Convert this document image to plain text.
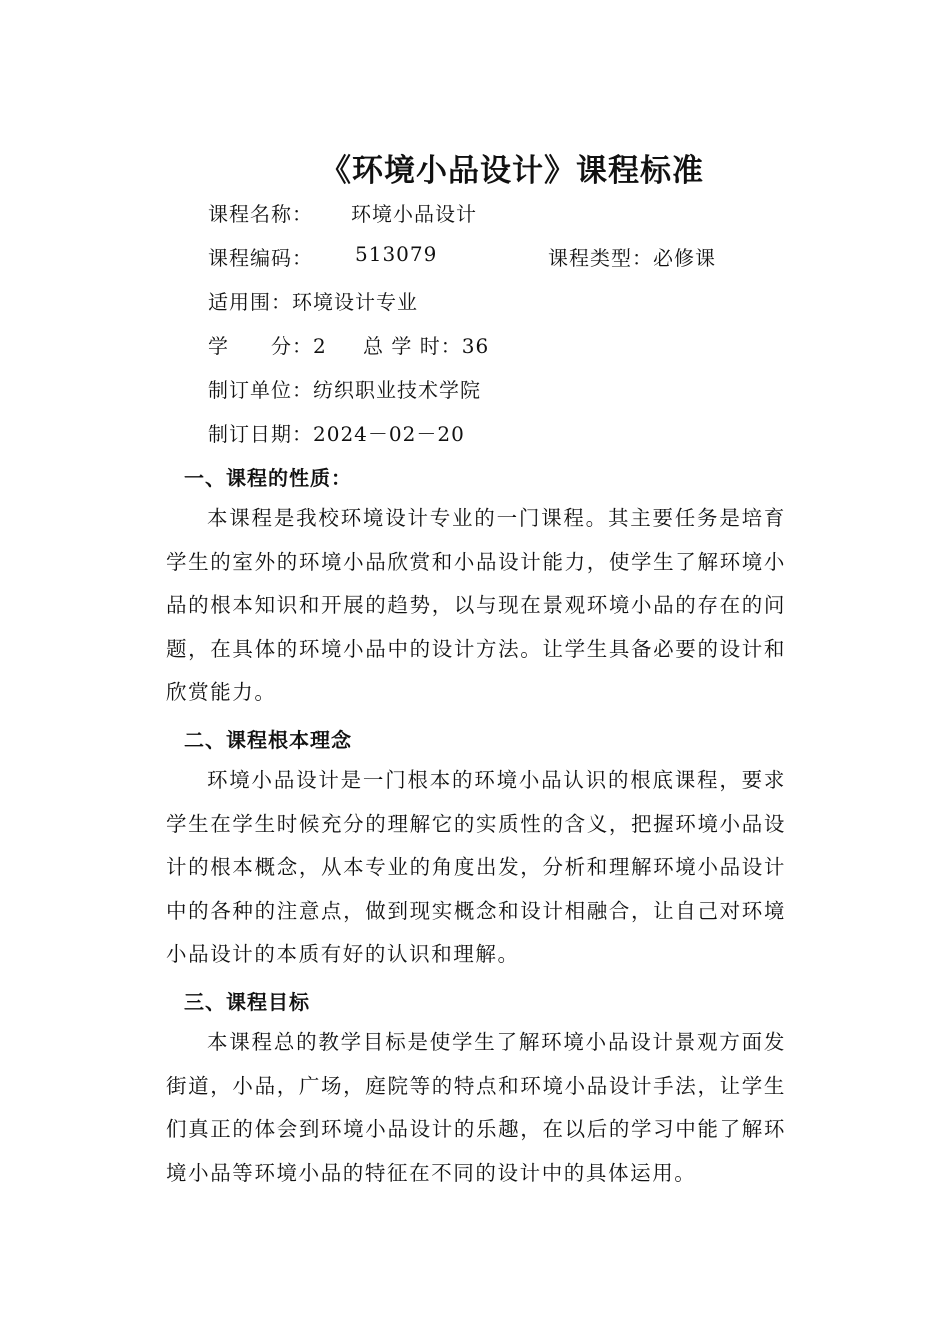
《环境小品设计》课程标准
课程名称： 环境小品设计
课程编码： 513079	课程类型：必修课
适用围：环境设计专业
学　　分：2 总 学 时：36
制订单位：纺织职业技术学院
制订日期：2024－02－20
一、课程的性质：
本课程是我校环境设计专业的一门课程。其主要任务是培育学生的室外的环境小品欣赏和小品设计能力，使学生了解环境小品的根本知识和开展的趋势，以与现在景观环境小品的存在的问题，在具体的环境小品中的设计方法。让学生具备必要的设计和欣赏能力。
二、课程根本理念
环境小品设计是一门根本的环境小品认识的根底课程，要求学生在学生时候充分的理解它的实质性的含义，把握环境小品设计的根本概念，从本专业的角度出发，分析和理解环境小品设计中的各种的注意点，做到现实概念和设计相融合，让自己对环境小品设计的本质有好的认识和理解。
三、课程目标
本课程总的教学目标是使学生了解环境小品设计景观方面发街道，小品，广场，庭院等的特点和环境小品设计手法，让学生们真正的体会到环境小品设计的乐趣，在以后的学习中能了解环境小品等环境小品的特征在不同的设计中的具体运用。
